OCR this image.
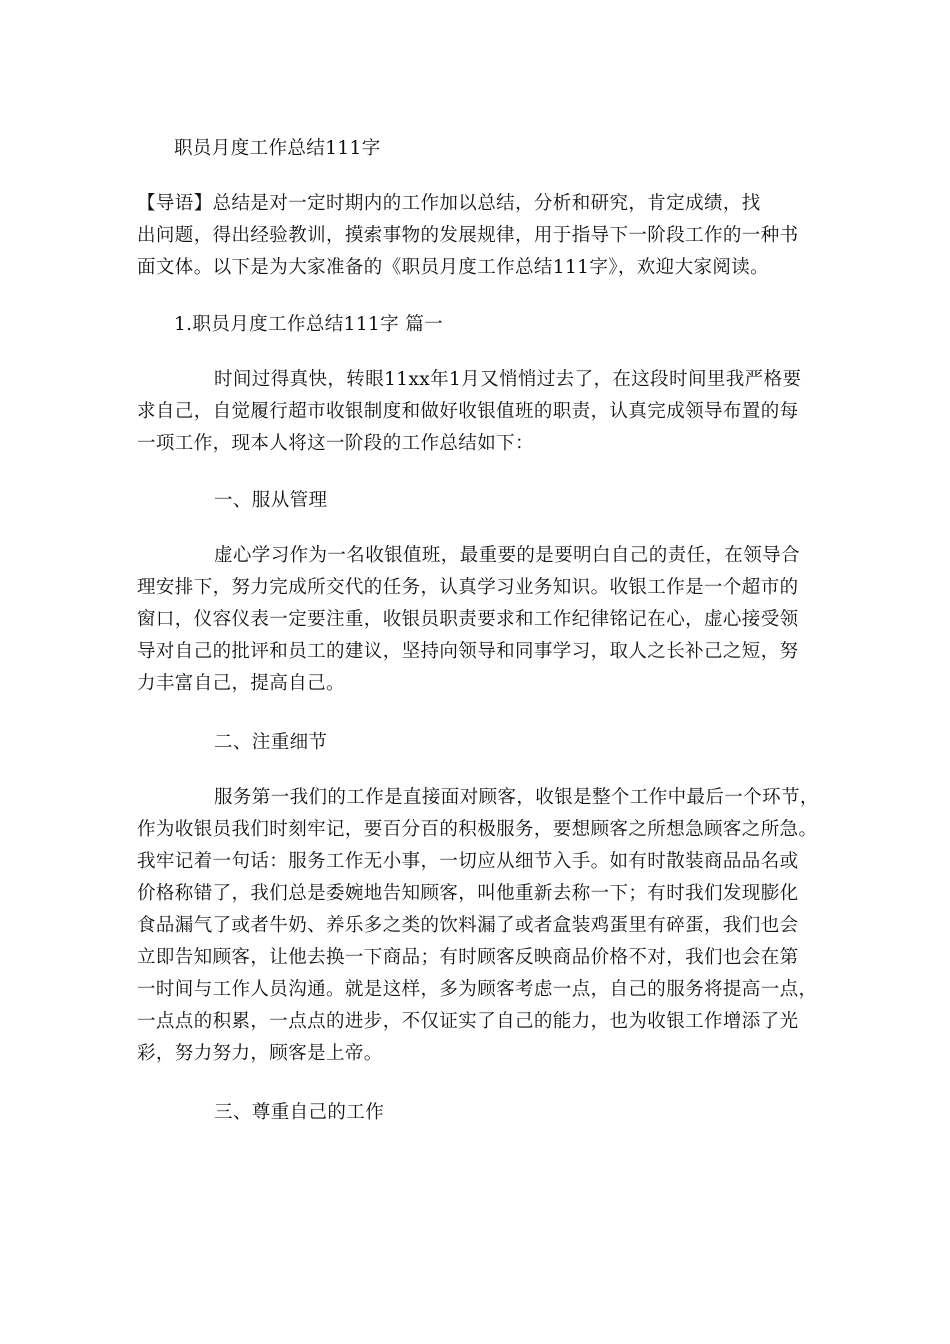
职员月度工作总结111字
【导语】总结是对一定时期内的工作加以总结，分析和研究，肯定成绩，找
出问题，得出经验教训，摸索事物的发展规律，用于指导下一阶段工作的一种书
面文体。以下是为大家准备的《职员月度工作总结111字》，欢迎大家阅读。
1.职员月度工作总结111字 篇一
时间过得真快，转眼11xx年1月又悄悄过去了，在这段时间里我严格要
求自己，自觉履行超市收银制度和做好收银值班的职责，认真完成领导布置的每
一项工作，现本人将这一阶段的工作总结如下：
一、服从管理
虚心学习作为一名收银值班，最重要的是要明白自己的责任，在领导合
理安排下，努力完成所交代的任务，认真学习业务知识。收银工作是一个超市的
窗口，仪容仪表一定要注重，收银员职责要求和工作纪律铭记在心，虚心接受领
导对自己的批评和员工的建议，坚持向领导和同事学习，取人之长补己之短，努
力丰富自己，提高自己。
二、注重细节
服务第一我们的工作是直接面对顾客，收银是整个工作中最后一个环节，
作为收银员我们时刻牢记，要百分百的积极服务，要想顾客之所想急顾客之所急。
我牢记着一句话：服务工作无小事，一切应从细节入手。如有时散装商品品名或
价格称错了，我们总是委婉地告知顾客，叫他重新去称一下；有时我们发现膨化
食品漏气了或者牛奶、养乐多之类的饮料漏了或者盒装鸡蛋里有碎蛋，我们也会
立即告知顾客，让他去换一下商品；有时顾客反映商品价格不对，我们也会在第
一时间与工作人员沟通。就是这样，多为顾客考虑一点，自己的服务将提高一点，
一点点的积累，一点点的进步，不仅证实了自己的能力，也为收银工作增添了光
彩，努力努力，顾客是上帝。
三、尊重自己的工作
